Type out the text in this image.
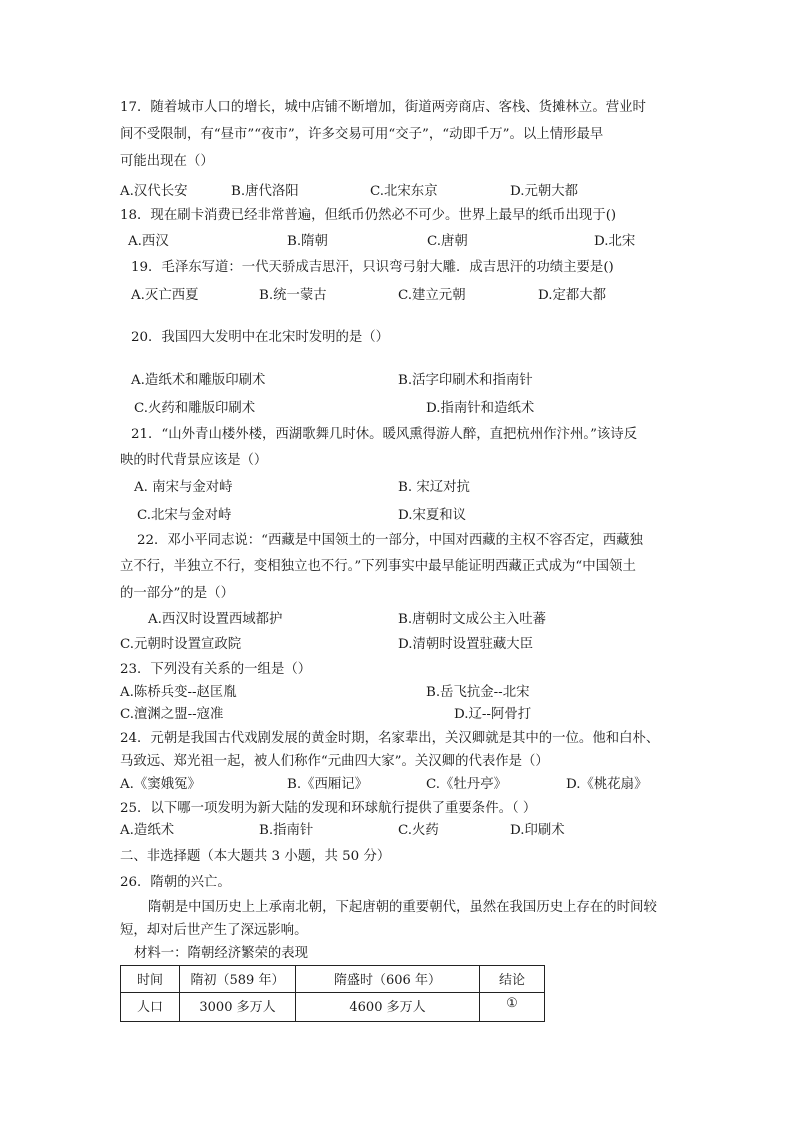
17．随着城市人口的增长，城中店铺不断增加，街道两旁商店、客栈、货摊林立。营业时
间不受限制，有“昼市”“夜市”，许多交易可用“交子”，“动即千万”。以上情形最早
可能出现在（）
A.汉代长安	B.唐代洛阳	C.北宋东京	D.元朝大都
18．现在刷卡消费已经非常普遍，但纸币仍然必不可少。世界上最早的纸币出现于()
A.西汉	B.隋朝	C.唐朝	D.北宋
19．毛泽东写道：一代天骄成吉思汗，只识弯弓射大雕．成吉思汗的功绩主要是()
A.灭亡西夏	B.统一蒙古	C.建立元朝	D.定都大都
20．我国四大发明中在北宋时发明的是（）
A.造纸术和雕版印刷术	B.活字印刷术和指南针
C.火药和雕版印刷术	D.指南针和造纸术
21．“山外青山楼外楼，西湖歌舞几时休。暖风熏得游人醉，直把杭州作汴州。”该诗反
映的时代背景应该是（）
A. 南宋与金对峙	B. 宋辽对抗
C.北宋与金对峙	D.宋夏和议
22．邓小平同志说：“西藏是中国领土的一部分，中国对西藏的主权不容否定，西藏独
立不行，半独立不行，变相独立也不行。”下列事实中最早能证明西藏正式成为“中国领土
的一部分”的是（）
A.西汉时设置西域都护	B.唐朝时文成公主入吐蕃
C.元朝时设置宣政院	D.清朝时设置驻藏大臣
23．下列没有关系的一组是（）
A.陈桥兵变--赵匡胤	B.岳飞抗金--北宋
C.澶渊之盟--寇准	D.辽--阿骨打
24．元朝是我国古代戏剧发展的黄金时期，名家辈出，关汉卿就是其中的一位。他和白朴、
马致远、郑光祖一起，被人们称作“元曲四大家”。关汉卿的代表作是（）
A.《窦娥冤》	B.《西厢记》	C.《牡丹亭》	D.《桃花扇》
25．以下哪一项发明为新大陆的发现和环球航行提供了重要条件。（ ）
A.造纸术	B.指南针	C.火药	D.印刷术
二、非选择题（本大题共 3 小题，共 50 分）
26．隋朝的兴亡。
隋朝是中国历史上上承南北朝，下起唐朝的重要朝代，虽然在我国历史上存在的时间较
短，却对后世产生了深远影响。
材料一：隋朝经济繁荣的表现
时间	隋初（589 年）	隋盛时（606 年）	结论

人口	3000 多万人	4600 多万人	①
